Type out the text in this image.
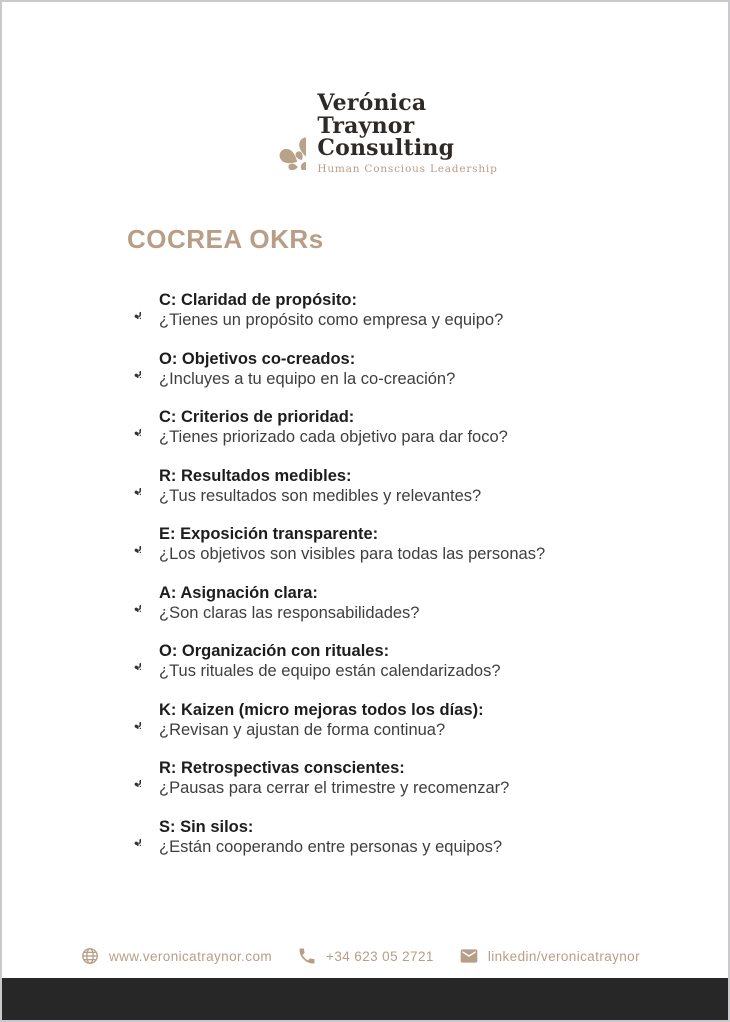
Verónica
Traynor
Consulting
Human Conscious Leadership
COCREA OKRs
C: Claridad de propósito:
¿Tienes un propósito como empresa y equipo?
O: Objetivos co-creados:
¿Incluyes a tu equipo en la co-creación?
C: Criterios de prioridad:
¿Tienes priorizado cada objetivo para dar foco?
R: Resultados medibles:
¿Tus resultados son medibles y relevantes?
E: Exposición transparente:
¿Los objetivos son visibles para todas las personas?
A: Asignación clara:
¿Son claras las responsabilidades?
O: Organización con rituales:
¿Tus rituales de equipo están calendarizados?
K: Kaizen (micro mejoras todos los días):
¿Revisan y ajustan de forma continua?
R: Retrospectivas conscientes:
¿Pausas para cerrar el trimestre y recomenzar?
S: Sin silos:
¿Están cooperando entre personas y equipos?
www.veronicatraynor.com	+34 623 05 2721	linkedin/veronicatraynor
